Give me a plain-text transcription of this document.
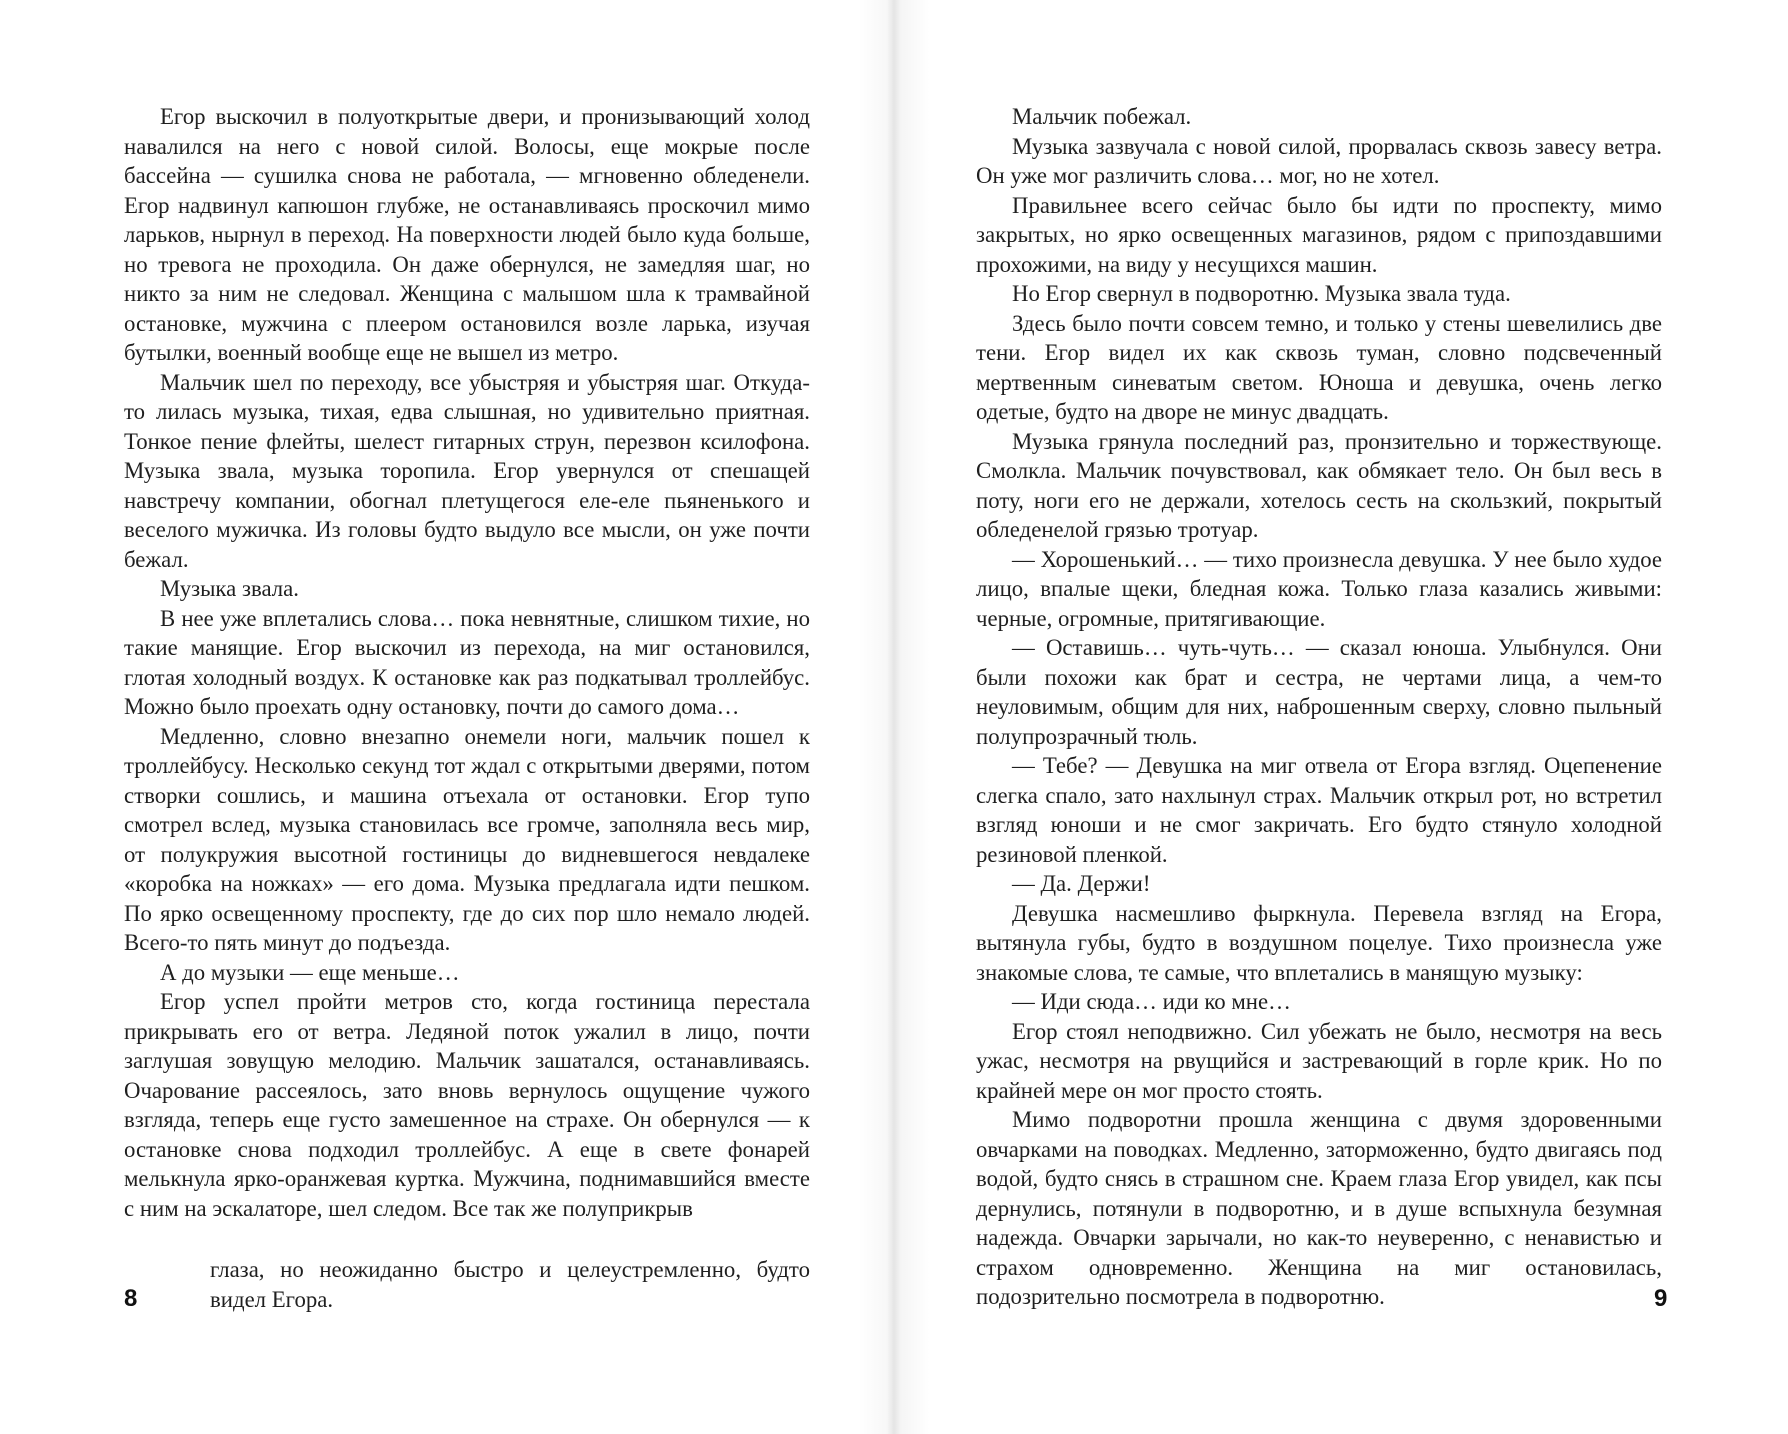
Егор выскочил в полуоткрытые двери, и пронизывающий холод навалился на него с новой силой. Волосы, еще мокрые после бассейна — сушилка снова не работала, — мгновенно обледенели. Егор надвинул капюшон глубже, не останавливаясь проскочил мимо ларьков, нырнул в переход. На поверхности людей было куда больше, но тревога не проходила. Он даже обернулся, не замедляя шаг, но никто за ним не следовал. Женщина с малышом шла к трамвайной остановке, мужчина с плеером остановился возле ларька, изучая бутылки, военный вообще еще не вышел из метро.

Мальчик шел по переходу, все убыстряя и убыстряя шаг. Откуда-то лилась музыка, тихая, едва слышная, но удивительно приятная. Тонкое пение флейты, шелест гитарных струн, перезвон ксилофона. Музыка звала, музыка торопила. Егор увернулся от спешащей навстречу компании, обогнал плетущегося еле-еле пьяненького и веселого мужичка. Из головы будто выдуло все мысли, он уже почти бежал.

Музыка звала.

В нее уже вплетались слова… пока невнятные, слишком тихие, но такие манящие. Егор выскочил из перехода, на миг остановился, глотая холодный воздух. К остановке как раз подкатывал троллейбус. Можно было проехать одну остановку, почти до самого дома…

Медленно, словно внезапно онемели ноги, мальчик пошел к троллейбусу. Несколько секунд тот ждал с открытыми дверями, потом створки сошлись, и машина отъехала от остановки. Егор тупо смотрел вслед, музыка становилась все громче, заполняла весь мир, от полукружия высотной гостиницы до видневшегося невдалеке «коробка на ножках» — его дома. Музыка предлагала идти пешком. По ярко освещенному проспекту, где до сих пор шло немало людей. Всего-то пять минут до подъезда.

А до музыки — еще меньше…

Егор успел пройти метров сто, когда гостиница перестала прикрывать его от ветра. Ледяной поток ужалил в лицо, почти заглушая зовущую мелодию. Мальчик зашатался, останавливаясь. Очарование рассеялось, зато вновь вернулось ощущение чужого взгляда, теперь еще густо замешенное на страхе. Он обернулся — к остановке снова подходил троллейбус. А еще в свете фонарей мелькнула ярко-оранжевая куртка. Мужчина, поднимавшийся вместе с ним на эскалаторе, шел следом. Все так же полуприкрыв

глаза, но неожиданно быстро и целеустремленно, будто видел Егора.
8

Мальчик побежал.

Музыка зазвучала с новой силой, прорвалась сквозь завесу ветра. Он уже мог различить слова… мог, но не хотел.

Правильнее всего сейчас было бы идти по проспекту, мимо закрытых, но ярко освещенных магазинов, рядом с припоздавшими прохожими, на виду у несущихся машин.

Но Егор свернул в подворотню. Музыка звала туда.

Здесь было почти совсем темно, и только у стены шевелились две тени. Егор видел их как сквозь туман, словно подсвеченный мертвенным синеватым светом. Юноша и девушка, очень легко одетые, будто на дворе не минус двадцать.

Музыка грянула последний раз, пронзительно и торжествующе. Смолкла. Мальчик почувствовал, как обмякает тело. Он был весь в поту, ноги его не держали, хотелось сесть на скользкий, покрытый обледенелой грязью тротуар.

— Хорошенький… — тихо произнесла девушка. У нее было худое лицо, впалые щеки, бледная кожа. Только глаза казались живыми: черные, огромные, притягивающие.

— Оставишь… чуть-чуть… — сказал юноша. Улыбнулся. Они были похожи как брат и сестра, не чертами лица, а чем-то неуловимым, общим для них, наброшенным сверху, словно пыльный полупрозрачный тюль.

— Тебе? — Девушка на миг отвела от Егора взгляд. Оцепенение слегка спало, зато нахлынул страх. Мальчик открыл рот, но встретил взгляд юноши и не смог закричать. Его будто стянуло холодной резиновой пленкой.

— Да. Держи!

Девушка насмешливо фыркнула. Перевела взгляд на Егора, вытянула губы, будто в воздушном поцелуе. Тихо произнесла уже знакомые слова, те самые, что вплетались в манящую музыку:

— Иди сюда… иди ко мне…

Егор стоял неподвижно. Сил убежать не было, несмотря на весь ужас, несмотря на рвущийся и застревающий в горле крик. Но по крайней мере он мог просто стоять.

Мимо подворотни прошла женщина с двумя здоровенными овчарками на поводках. Медленно, заторможенно, будто двигаясь под водой, будто снясь в страшном сне. Краем глаза Егор увидел, как псы дернулись, потянули в подворотню, и в душе вспыхнула безумная надежда. Овчарки зарычали, но как-то неуверенно, с ненавистью и страхом одновременно. Женщина на миг остановилась, подозрительно посмотрела в подворотню.	9
